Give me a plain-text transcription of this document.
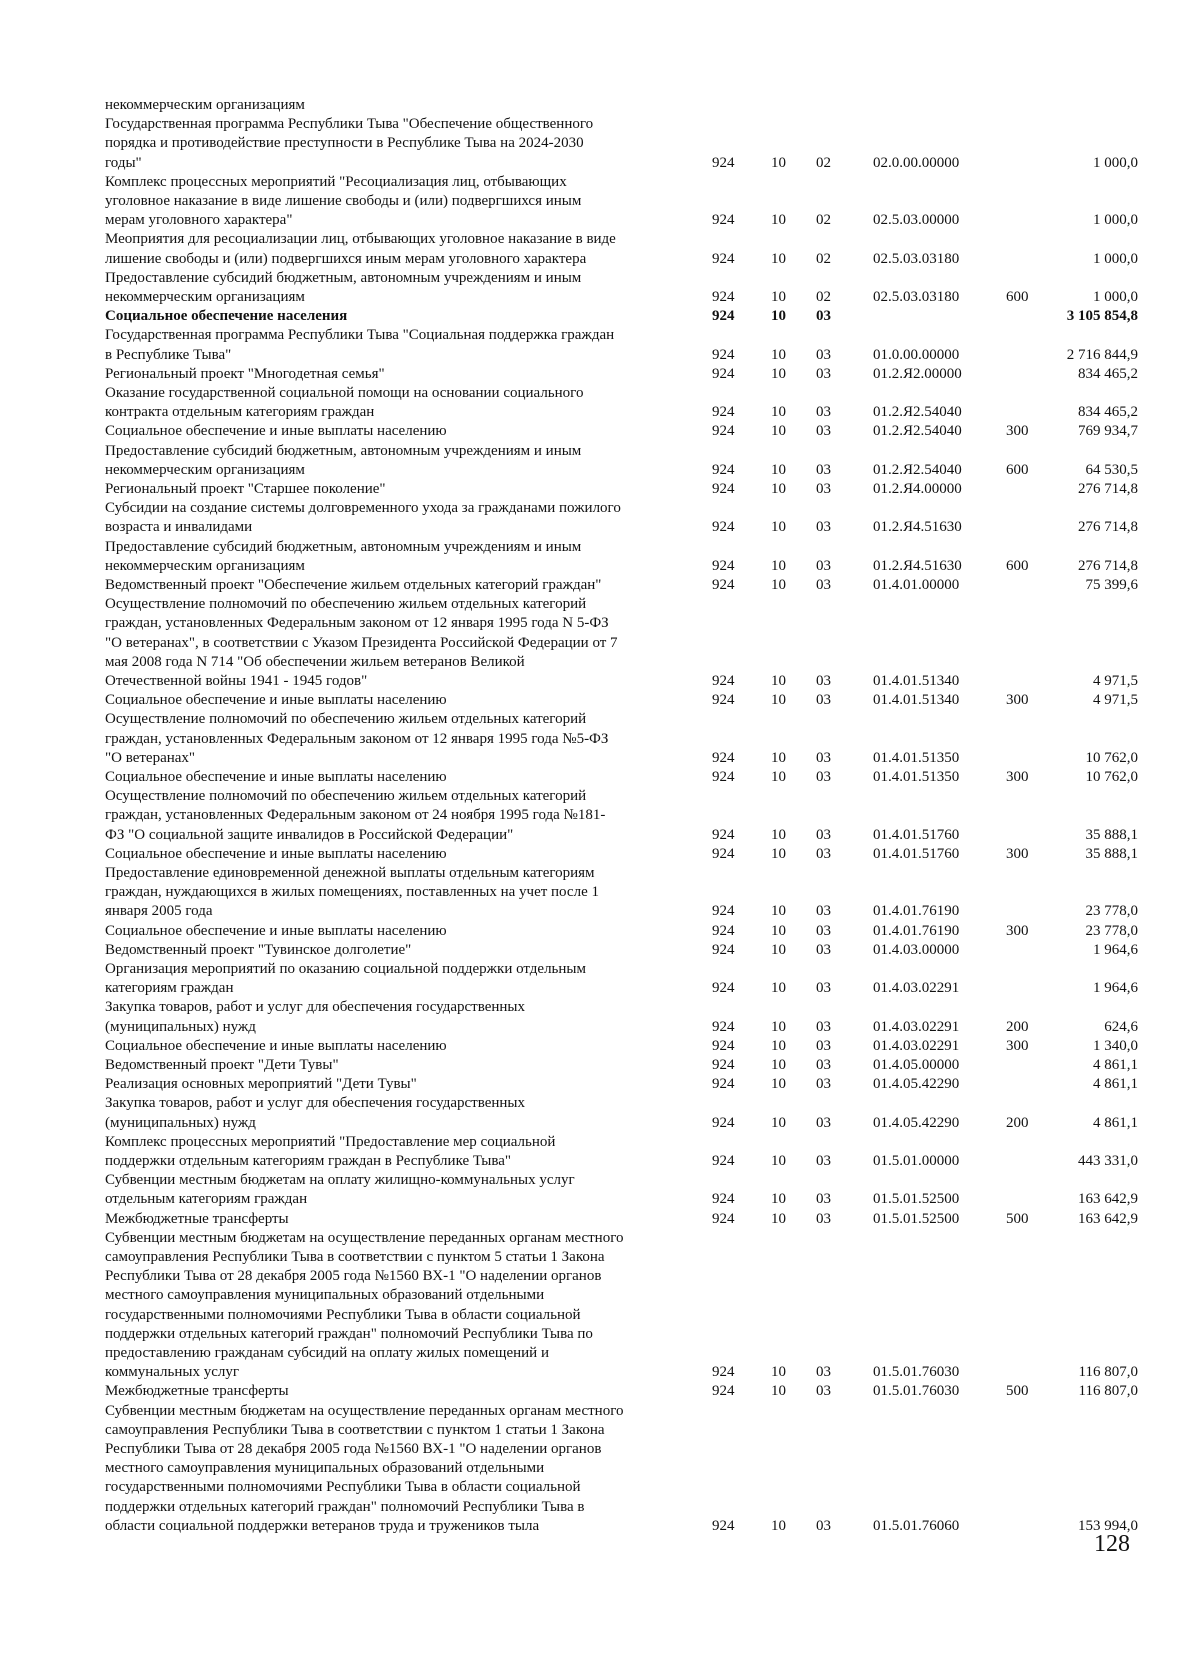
некоммерческим организациям
Государственная программа Республики Тыва "Обеспечение общественного
порядка и противодействие преступности в Республике Тыва на 2024-2030
годы"	924 10 02	02.0.00.00000	1 000,0
Комплекс процессных мероприятий "Ресоциализация лиц, отбывающих
уголовное наказание в виде лишение свободы и (или) подвергшихся иным
мерам уголовного характера"	924 10 02	02.5.03.00000	1 000,0
Меоприятия для ресоциализации лиц, отбывающих уголовное наказание в виде
лишение свободы и (или) подвергшихся иным мерам уголовного характера	924 10 02	02.5.03.03180	1 000,0
Предоставление субсидий бюджетным, автономным учреждениям и иным
некоммерческим организациям	924 10 02	02.5.03.03180	600	1 000,0
Социальное обеспечение населения	924 10 03	3 105 854,8
Государственная программа Республики Тыва "Социальная поддержка граждан
в Республике Тыва"	924 10 03	01.0.00.00000	2 716 844,9
Региональный проект "Многодетная семья"	924 10 03	01.2.Я2.00000	834 465,2
Оказание государственной социальной помощи на основании социального
контракта отдельным категориям граждан	924 10 03	01.2.Я2.54040	834 465,2
Социальное обеспечение и иные выплаты населению	924 10 03	01.2.Я2.54040	300	769 934,7
Предоставление субсидий бюджетным, автономным учреждениям и иным
некоммерческим организациям	924 10 03	01.2.Я2.54040	600	64 530,5
Региональный проект "Старшее поколение"	924 10 03	01.2.Я4.00000	276 714,8
Субсидии на создание системы долговременного ухода за гражданами пожилого
возраста и инвалидами	924 10 03	01.2.Я4.51630	276 714,8
Предоставление субсидий бюджетным, автономным учреждениям и иным
некоммерческим организациям	924 10 03	01.2.Я4.51630	600	276 714,8
Ведомственный проект "Обеспечение жильем отдельных категорий граждан"	924 10 03	01.4.01.00000	75 399,6
Осуществление полномочий по обеспечению жильем отдельных категорий
граждан, установленных Федеральным законом от 12 января 1995 года N 5-ФЗ
"О ветеранах", в соответствии с Указом Президента Российской Федерации от 7
мая 2008 года N 714 "Об обеспечении жильем ветеранов Великой
Отечественной войны 1941 - 1945 годов"	924 10 03	01.4.01.51340	4 971,5
Социальное обеспечение и иные выплаты населению	924 10 03	01.4.01.51340	300	4 971,5
Осуществление полномочий по обеспечению жильем отдельных категорий
граждан, установленных Федеральным законом от 12 января 1995 года №5-ФЗ
"О ветеранах"	924 10 03	01.4.01.51350	10 762,0
Социальное обеспечение и иные выплаты населению	924 10 03	01.4.01.51350	300	10 762,0
Осуществление полномочий по обеспечению жильем отдельных категорий
граждан, установленных Федеральным законом от 24 ноября 1995 года №181-
ФЗ "О социальной защите инвалидов в Российской Федерации"	924 10 03	01.4.01.51760	35 888,1
Социальное обеспечение и иные выплаты населению	924 10 03	01.4.01.51760	300	35 888,1
Предоставление единовременной денежной выплаты отдельным категориям
граждан, нуждающихся в жилых помещениях, поставленных на учет после 1
января 2005 года	924 10 03	01.4.01.76190	23 778,0
Социальное обеспечение и иные выплаты населению	924 10 03	01.4.01.76190	300	23 778,0
Ведомственный проект "Тувинское долголетие"	924 10 03	01.4.03.00000	1 964,6
Организация мероприятий по оказанию социальной поддержки отдельным
категориям граждан	924 10 03	01.4.03.02291	1 964,6
Закупка товаров, работ и услуг для обеспечения государственных
(муниципальных) нужд	924 10 03	01.4.03.02291	200	624,6
Социальное обеспечение и иные выплаты населению	924 10 03	01.4.03.02291	300	1 340,0
Ведомственный проект "Дети Тувы"	924 10 03	01.4.05.00000	4 861,1
Реализация основных мероприятий "Дети Тувы"	924 10 03	01.4.05.42290	4 861,1
Закупка товаров, работ и услуг для обеспечения государственных
(муниципальных) нужд	924 10 03	01.4.05.42290	200	4 861,1
Комплекс процессных мероприятий "Предоставление мер социальной
поддержки отдельным категориям граждан в Республике Тыва"	924 10 03	01.5.01.00000	443 331,0
Субвенции местным бюджетам на оплату жилищно-коммунальных услуг
отдельным категориям граждан	924 10 03	01.5.01.52500	163 642,9
Межбюджетные трансферты	924 10 03	01.5.01.52500	500	163 642,9
Субвенции местным бюджетам на осуществление переданных органам местного
самоуправления Республики Тыва в соответствии с пунктом 5 статьи 1 Закона
Республики Тыва от 28 декабря 2005 года №1560 ВХ-1 "О наделении органов
местного самоуправления муниципальных образований отдельными
государственными полномочиями Республики Тыва в области социальной
поддержки отдельных категорий граждан" полномочий Республики Тыва по
предоставлению гражданам субсидий на оплату жилых помещений и
коммунальных услуг	924 10 03	01.5.01.76030	116 807,0
Межбюджетные трансферты	924 10 03	01.5.01.76030	500	116 807,0
Субвенции местным бюджетам на осуществление переданных органам местного
самоуправления Республики Тыва в соответствии с пунктом 1 статьи 1 Закона
Республики Тыва от 28 декабря 2005 года №1560 ВХ-1 "О наделении органов
местного самоуправления муниципальных образований отдельными
государственными полномочиями Республики Тыва в области социальной
поддержки отдельных категорий граждан" полномочий Республики Тыва в
области социальной поддержки ветеранов труда и тружеников тыла	924 10 03	01.5.01.76060	153 994,0
128
